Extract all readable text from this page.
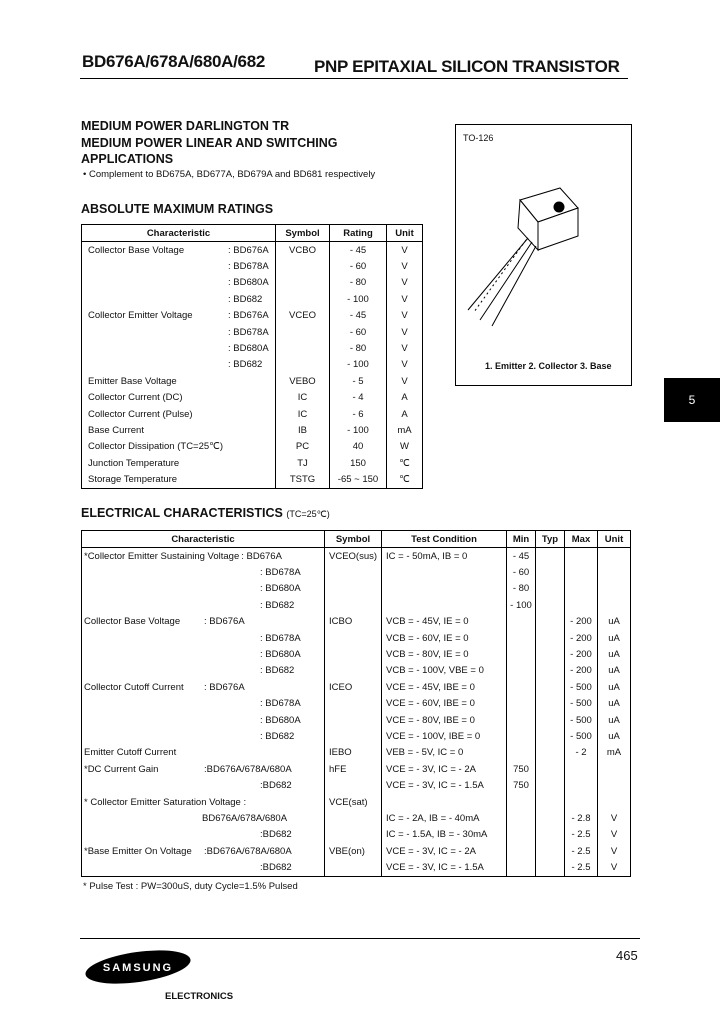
BD676A/678A/680A/682	PNP EPITAXIAL SILICON TRANSISTOR
MEDIUM POWER DARLINGTON TR
MEDIUM POWER LINEAR AND SWITCHING
APPLICATIONS
• Complement to BD675A, BD677A, BD679A and BD681 respectively
TO-126
1. Emitter 2. Collector 3. Base
5
ABSOLUTE MAXIMUM RATINGS
Characteristic	Symbol	Rating	Unit
Collector Base Voltage : BD676A	VCBO	- 45	V
: BD678A		- 60	V
: BD680A		- 80	V
: BD682		- 100	V
Collector Emitter Voltage : BD676A	VCEO	- 45	V
: BD678A		- 60	V
: BD680A		- 80	V
: BD682		- 100	V
Emitter Base Voltage	VEBO	- 5	V
Collector Current (DC)	IC	- 4	A
Collector Current (Pulse)	IC	- 6	A
Base Current	IB	- 100	mA
Collector Dissipation (TC=25℃)	PC	40	W
Junction Temperature	TJ	150	℃
Storage Temperature	TSTG	-65 ~ 150	℃
ELECTRICAL CHARACTERISTICS (TC=25℃)
Characteristic	Symbol	Test Condition	Min	Typ	Max	Unit
*Collector Emitter Sustaining Voltage : BD676A	VCEO(sus)	IC = - 50mA, IB = 0	- 45			
: BD678A			- 60			
: BD680A			- 80			
: BD682			- 100			
Collector Base Voltage : BD676A	ICBO	VCB = - 45V, IE = 0			- 200	uA
: BD678A		VCB = - 60V, IE = 0			- 200	uA
: BD680A		VCB = - 80V, IE = 0			- 200	uA
: BD682		VCB = - 100V, VBE = 0			- 200	uA
Collector Cutoff Current : BD676A	ICEO	VCE = - 45V, IBE = 0			- 500	uA
: BD678A		VCE = - 60V, IBE = 0			- 500	uA
: BD680A		VCE = - 80V, IBE = 0			- 500	uA
: BD682		VCE = - 100V, IBE = 0			- 500	uA
Emitter Cutoff Current	IEBO	VEB = - 5V, IC = 0			- 2	mA
*DC Current Gain :BD676A/678A/680A	hFE	VCE = - 3V, IC = - 2A	750			
:BD682		VCE = - 3V, IC = - 1.5A	750			
* Collector Emitter Saturation Voltage :	VCE(sat)					
BD676A/678A/680A		IC = - 2A, IB = - 40mA			- 2.8	V
:BD682		IC = - 1.5A, IB = - 30mA			- 2.5	V
*Base Emitter On Voltage :BD676A/678A/680A	VBE(on)	VCE = - 3V, IC = - 2A			- 2.5	V
:BD682		VCE = - 3V, IC = - 1.5A			- 2.5	V
* Pulse Test : PW=300uS, duty Cycle=1.5% Pulsed
465
SAMSUNG
ELECTRONICS
